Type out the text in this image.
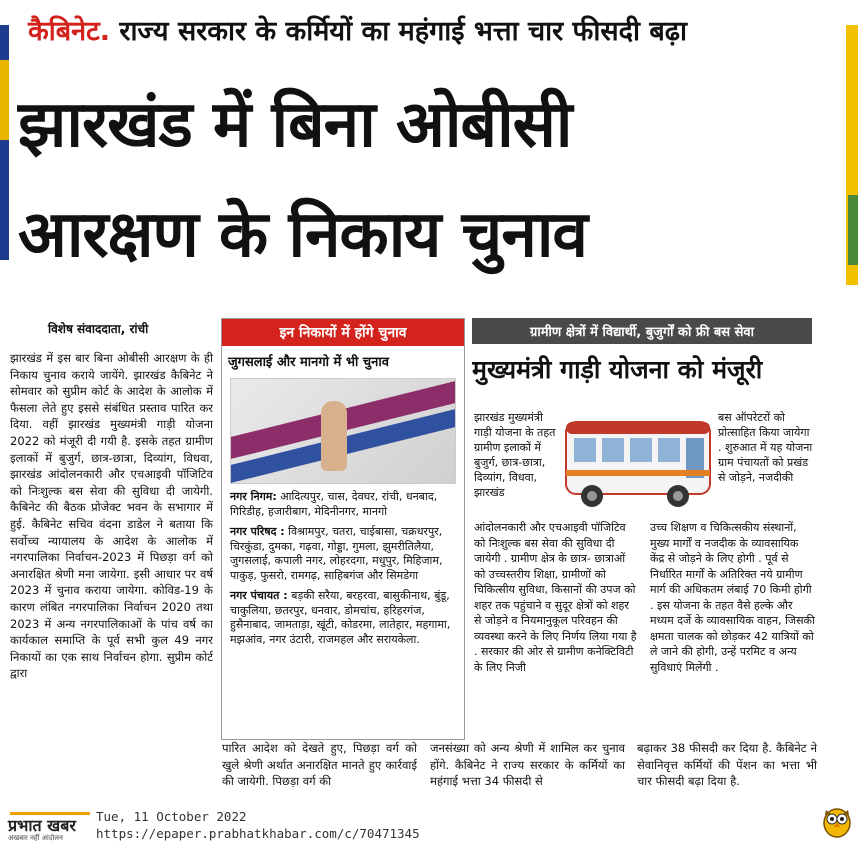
कैबिनेट. राज्य सरकार के कर्मियों का महंगाई भत्ता चार फीसदी बढ़ा
झारखंड में बिना ओबीसी
आरक्षण के निकाय चुनाव
विशेष संवाददाता, रांची
झारखंड में इस बार बिना ओबीसी आरक्षण के ही निकाय चुनाव कराये जायेंगे. झारखंड कैबिनेट ने सोमवार को सुप्रीम कोर्ट के आदेश के आलोक में फैसला लेते हुए इससे संबंधित प्रस्ताव पारित कर दिया. वहीं झारखंड मुख्यमंत्री गाड़ी योजना 2022 को मंजूरी दी गयी है. इसके तहत ग्रामीण इलाकों में बुजुर्ग, छात्र-छात्रा, दिव्यांग, विधवा, झारखंड आंदोलनकारी और एचआइवी पॉजिटिव को निःशुल्क बस सेवा की सुविधा दी जायेगी. कैबिनेट की बैठक प्रोजेक्ट भवन के सभागार में हुई. कैबिनेट सचिव वंदना डाडेल ने बताया कि सर्वोच्च न्यायालय के आदेश के आलोक में नगरपालिका निर्वाचन-2023 में पिछड़ा वर्ग को अनारक्षित श्रेणी मना जायेगा. इसी आधार पर वर्ष 2023 में चुनाव कराया जायेगा. कोविड-19 के कारण लंबित नगरपालिका निर्वाचन 2020 तथा 2023 में अन्य नगरपालिकाओं के पांच वर्ष का कार्यकाल समाप्ति के पूर्व सभी कुल 49 नगर निकायों का एक साथ निर्वाचन होगा. सुप्रीम कोर्ट द्वारा
इन निकायों में होंगे चुनाव
जुगसलाई और मानगो में भी चुनाव

नगर निगम: आदित्यपुर, चास, देवघर, रांची, धनबाद, गिरिडीह, हजारीबाग, मेदिनीनगर, मानगो

नगर परिषद : विश्रामपुर, चतरा, चाईबासा, चक्रधरपुर, चिरकुंडा, दुमका, गढ़वा, गोड्डा, गुमला, झुमरीतिलैया, जुगसलाई, कपाली नगर, लोहरदगा, मधुपुर, मिहिजाम, पाकुड़, फुसरो, रामगढ़, साहिबगंज और सिमडेगा

नगर पंचायत : बड़की सरैया, बरहरवा, बासुकीनाथ, बुंडू, चाकुलिया, छतरपुर, धनवार, डोमचांच, हरिहरगंज, हुसैनाबाद, जामताड़ा, खूंटी, कोडरमा, लातेहार, महगामा, मझआंव, नगर उंटारी, राजमहल और सरायकेला.

ग्रामीण क्षेत्रों में विद्यार्थी, बुजुर्गों को फ्री बस सेवा
मुख्यमंत्री गाड़ी योजना को मंजूरी
झारखंड मुख्यमंत्री गाड़ी योजना के तहत ग्रामीण इलाकों में बुजुर्ग, छात्र-छात्रा, दिव्यांग, विधवा, झारखंड
आंदोलनकारी और एचआइवी पॉजिटिव को निःशुल्क बस सेवा की सुविधा दी जायेगी . ग्रामीण क्षेत्र के छात्र- छात्राओं को उच्चस्तरीय शिक्षा, ग्रामीणों को चिकित्सीय सुविधा, किसानों की उपज को शहर तक पहुंचाने व सुदूर क्षेत्रों को शहर से जोड़ने व नियमानुकूल परिवहन की व्यवस्था करने के लिए निर्णय लिया गया है . सरकार की ओर से ग्रामीण कनेक्टिविटी के लिए निजी
बस ऑपरेटरों को प्रोत्साहित किया जायेगा . शुरुआत में यह योजना ग्राम पंचायतों को प्रखंड से जोड़ने, नजदीकी
उच्च शिक्षण व चिकित्सकीय संस्थानों, मुख्य मार्गों व नजदीक के व्यावसायिक केंद्र से जोड़ने के लिए होगी . पूर्व से निर्धारित मार्गों के अतिरिक्त नये ग्रामीण मार्ग की अधिकतम लंबाई 70 किमी होगी . इस योजना के तहत वैसे हल्के और मध्यम दर्जे के व्यावसायिक वाहन, जिसकी क्षमता चालक को छोड़कर 42 यात्रियों को ले जाने की होगी, उन्हें परमिट व अन्य सुविधाएं मिलेंगी .
पारित आदेश को देखते हुए, पिछड़ा वर्ग को खुले श्रेणी अर्थात अनारक्षित मानते हुए कार्रवाई की जायेगी. पिछड़ा वर्ग की
जनसंख्या को अन्य श्रेणी में शामिल कर चुनाव होंगे. कैबिनेट ने राज्य सरकार के कर्मियों का महंगाई भत्ता 34 फीसदी से
बढ़ाकर 38 फीसदी कर दिया है. कैबिनेट ने सेवानिवृत्त कर्मियों की पेंशन का भत्ता भी चार फीसदी बढ़ा दिया है.
प्रभात खबर
अखबार नहीं आंदोलन
Tue, 11 October 2022
https://epaper.prabhatkhabar.com/c/70471345
